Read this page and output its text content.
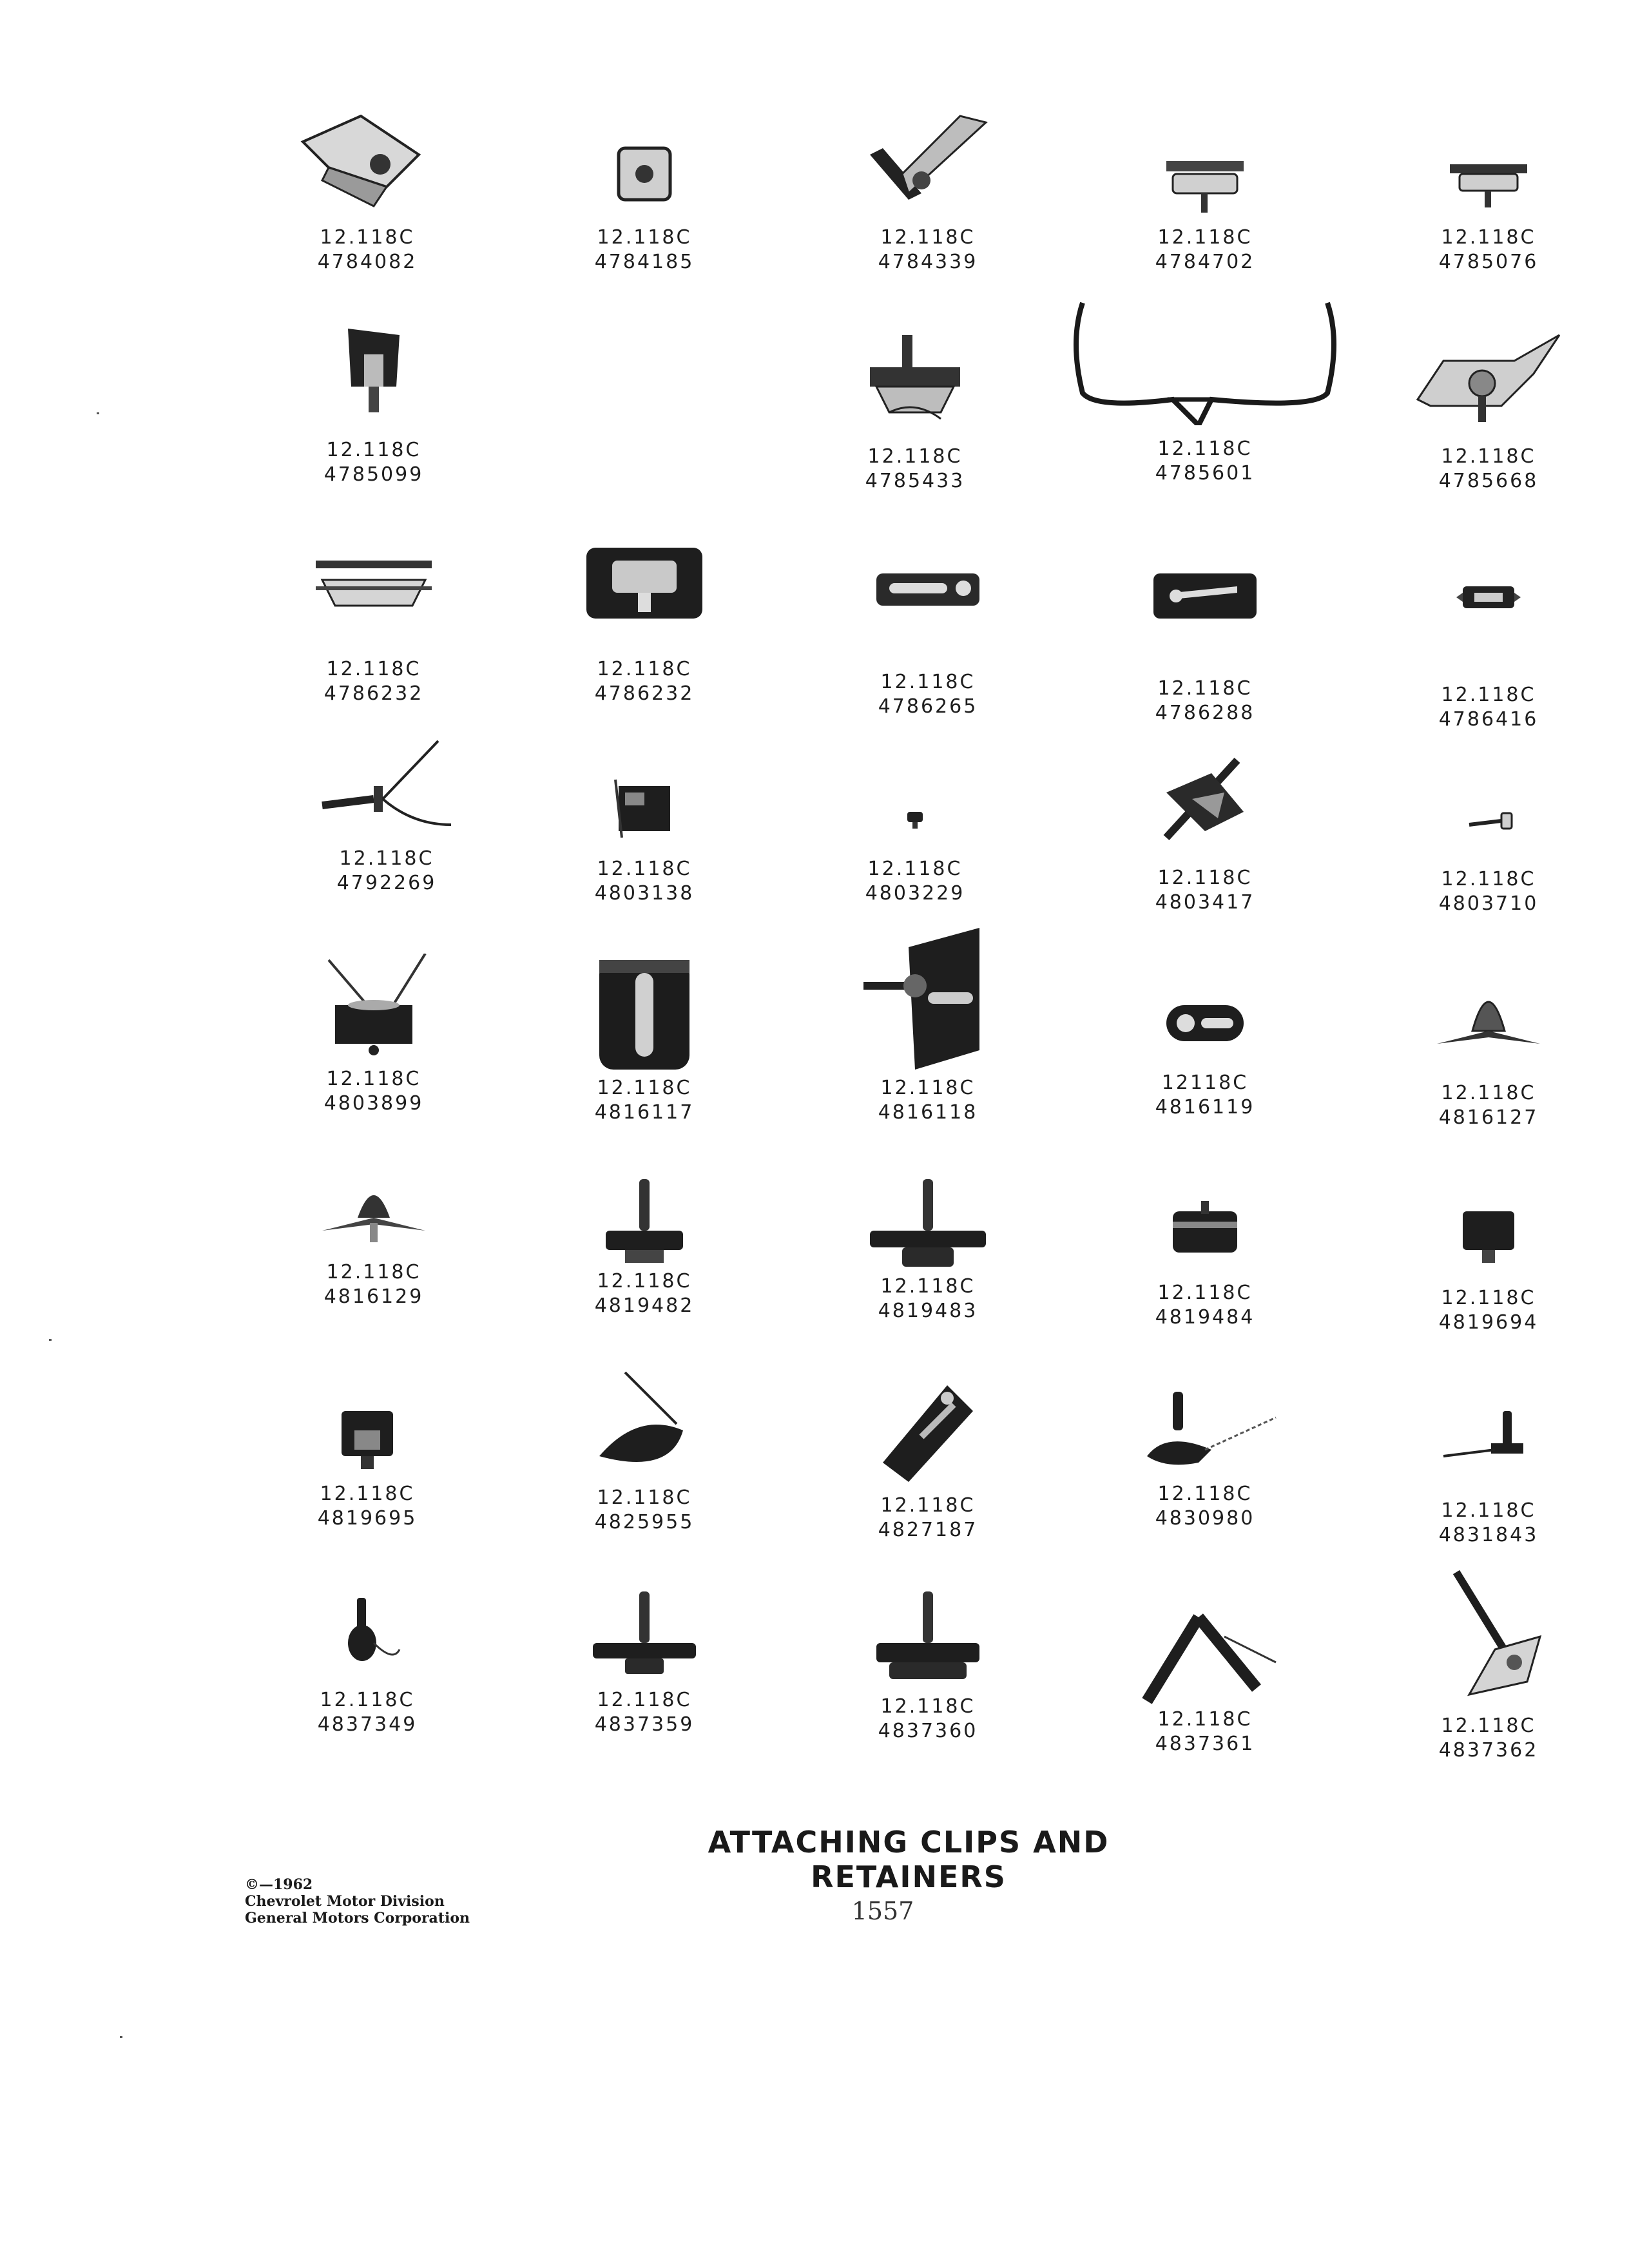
12.118C
4784082
12.118C
4784185
12.118C
4784339
12.118C
4784702
12.118C
4785076
12.118C
4785099
12.118C
4785433
12.118C
4785601
12.118C
4785668
12.118C
4786232
12.118C
4786232
12.118C
4786265
12.118C
4786288
12.118C
4786416
12.118C
4792269
12.118C
4803138
12.118C
4803229
12.118C
4803417
12.118C
4803710
12.118C
4803899
12.118C
4816117
12.118C
4816118
12118C
4816119
12.118C
4816127
12.118C
4816129
12.118C
4819482
12.118C
4819483
12.118C
4819484
12.118C
4819694
12.118C
4819695
12.118C
4825955
12.118C
4827187
12.118C
4830980	12.118C
4831843
12.118C
4837349
12.118C
4837359
12.118C
4837360
12.118C
4837361
12.118C
4837362
ATTACHING CLIPS AND RETAINERS
©—1962
Chevrolet Motor Division
General Motors Corporation	1557
